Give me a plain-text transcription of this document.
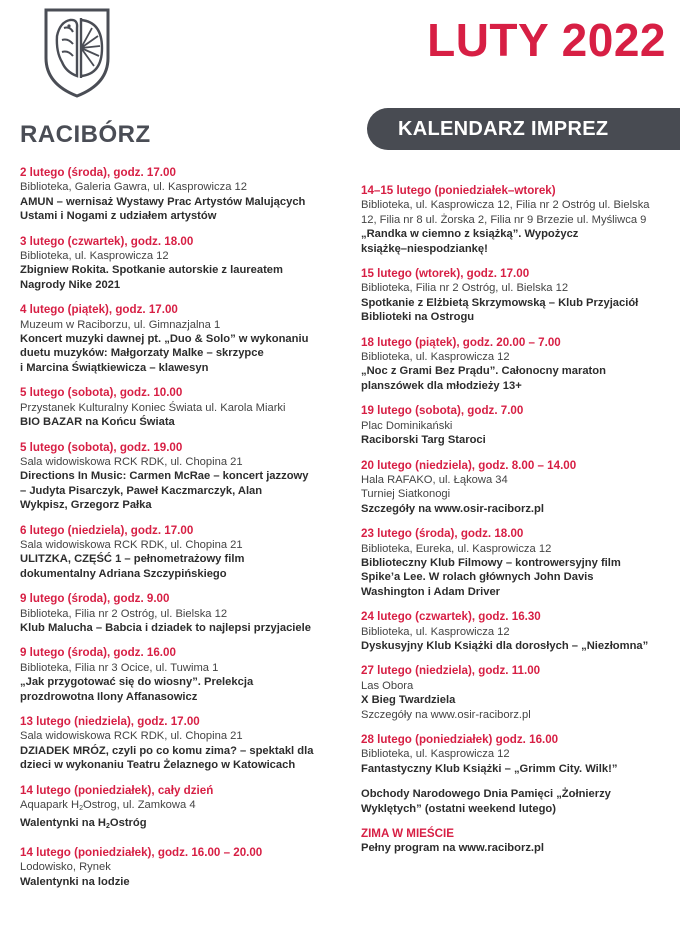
RACIBÓRZ
LUTY 2022
KALENDARZ IMPREZ
2 lutego (środa), godz. 17.00
Biblioteka, Galeria Gawra, ul. Kasprowicza 12
AMUN – wernisaż Wystawy Prac Artystów Malujących
Ustami i Nogami z udziałem artystów
3 lutego (czwartek), godz. 18.00
Biblioteka, ul. Kasprowicza 12
Zbigniew Rokita. Spotkanie autorskie z laureatem
Nagrody Nike 2021
4 lutego (piątek), godz. 17.00
Muzeum w Raciborzu, ul. Gimnazjalna 1
Koncert muzyki dawnej pt. „Duo & Solo” w wykonaniu
duetu muzyków: Małgorzaty Malke – skrzypce
i Marcina Świątkiewicza – klawesyn
5 lutego (sobota), godz. 10.00
Przystanek Kulturalny Koniec Świata ul. Karola Miarki
BIO BAZAR na Końcu Świata
5 lutego (sobota), godz. 19.00
Sala widowiskowa RCK RDK, ul. Chopina 21
Directions In Music: Carmen McRae – koncert jazzowy
– Judyta Pisarczyk, Paweł Kaczmarczyk, Alan
Wykpisz, Grzegorz Pałka
6 lutego (niedziela), godz. 17.00
Sala widowiskowa RCK RDK, ul. Chopina 21
ULITZKA, CZĘŚĆ 1 – pełnometrażowy film
dokumentalny Adriana Szczypińskiego
9 lutego (środa), godz. 9.00
Biblioteka, Filia nr 2 Ostróg, ul. Bielska 12
Klub Malucha – Babcia i dziadek to najlepsi przyjaciele
9 lutego (środa), godz. 16.00
Biblioteka, Filia nr 3 Ocice, ul. Tuwima 1
„Jak przygotować się do wiosny”. Prelekcja
prozdrowotna Ilony Affanasowicz
13 lutego (niedziela), godz. 17.00
Sala widowiskowa RCK RDK, ul. Chopina 21
DZIADEK MRÓZ, czyli po co komu zima? – spektakl dla
dzieci w wykonaniu Teatru Żelaznego w Katowicach
14 lutego (poniedziałek), cały dzień
Aquapark $H_2Ostrog$, ul. Zamkowa 4
Walentynki na $H_2Ostróg$
14 lutego (poniedziałek), godz. 16.00 – 20.00
Lodowisko, Rynek
Walentynki na lodzie
14–15 lutego (poniedziałek–wtorek)
Biblioteka, ul. Kasprowicza 12, Filia nr 2 Ostróg ul. Bielska
12, Filia nr 8 ul. Żorska 2, Filia nr 9 Brzezie ul. Myśliwca 9
„Randka w ciemno z książką”. Wypożycz
książkę–niespodziankę!
15 lutego (wtorek), godz. 17.00
Biblioteka, Filia nr 2 Ostróg, ul. Bielska 12
Spotkanie z Elżbietą Skrzymowską – Klub Przyjaciół
Biblioteki na Ostrogu
18 lutego (piątek), godz. 20.00 – 7.00
Biblioteka, ul. Kasprowicza 12
„Noc z Grami Bez Prądu”. Całonocny maraton
planszówek dla młodzieży 13+
19 lutego (sobota), godz. 7.00
Plac Dominikański
Raciborski Targ Staroci
20 lutego (niedziela), godz. 8.00 – 14.00
Hala RAFAKO, ul. Łąkowa 34
Turniej Siatkonogi
Szczegóły na www.osir-raciborz.pl
23 lutego (środa), godz. 18.00
Biblioteka, Eureka, ul. Kasprowicza 12
Biblioteczny Klub Filmowy – kontrowersyjny film
Spike’a Lee. W rolach głównych John Davis
Washington i Adam Driver
24 lutego (czwartek), godz. 16.30
Biblioteka, ul. Kasprowicza 12
Dyskusyjny Klub Książki dla dorosłych – „Niezłomna”
27 lutego (niedziela), godz. 11.00
Las Obora
X Bieg Twardziela
Szczegóły na www.osir-raciborz.pl
28 lutego (poniedziałek) godz. 16.00
Biblioteka, ul. Kasprowicza 12
Fantastyczny Klub Książki – „Grimm City. Wilk!”
Obchody Narodowego Dnia Pamięci „Żołnierzy
Wyklętych” (ostatni weekend lutego)
ZIMA W MIEŚCIE
Pełny program na www.raciborz.pl
